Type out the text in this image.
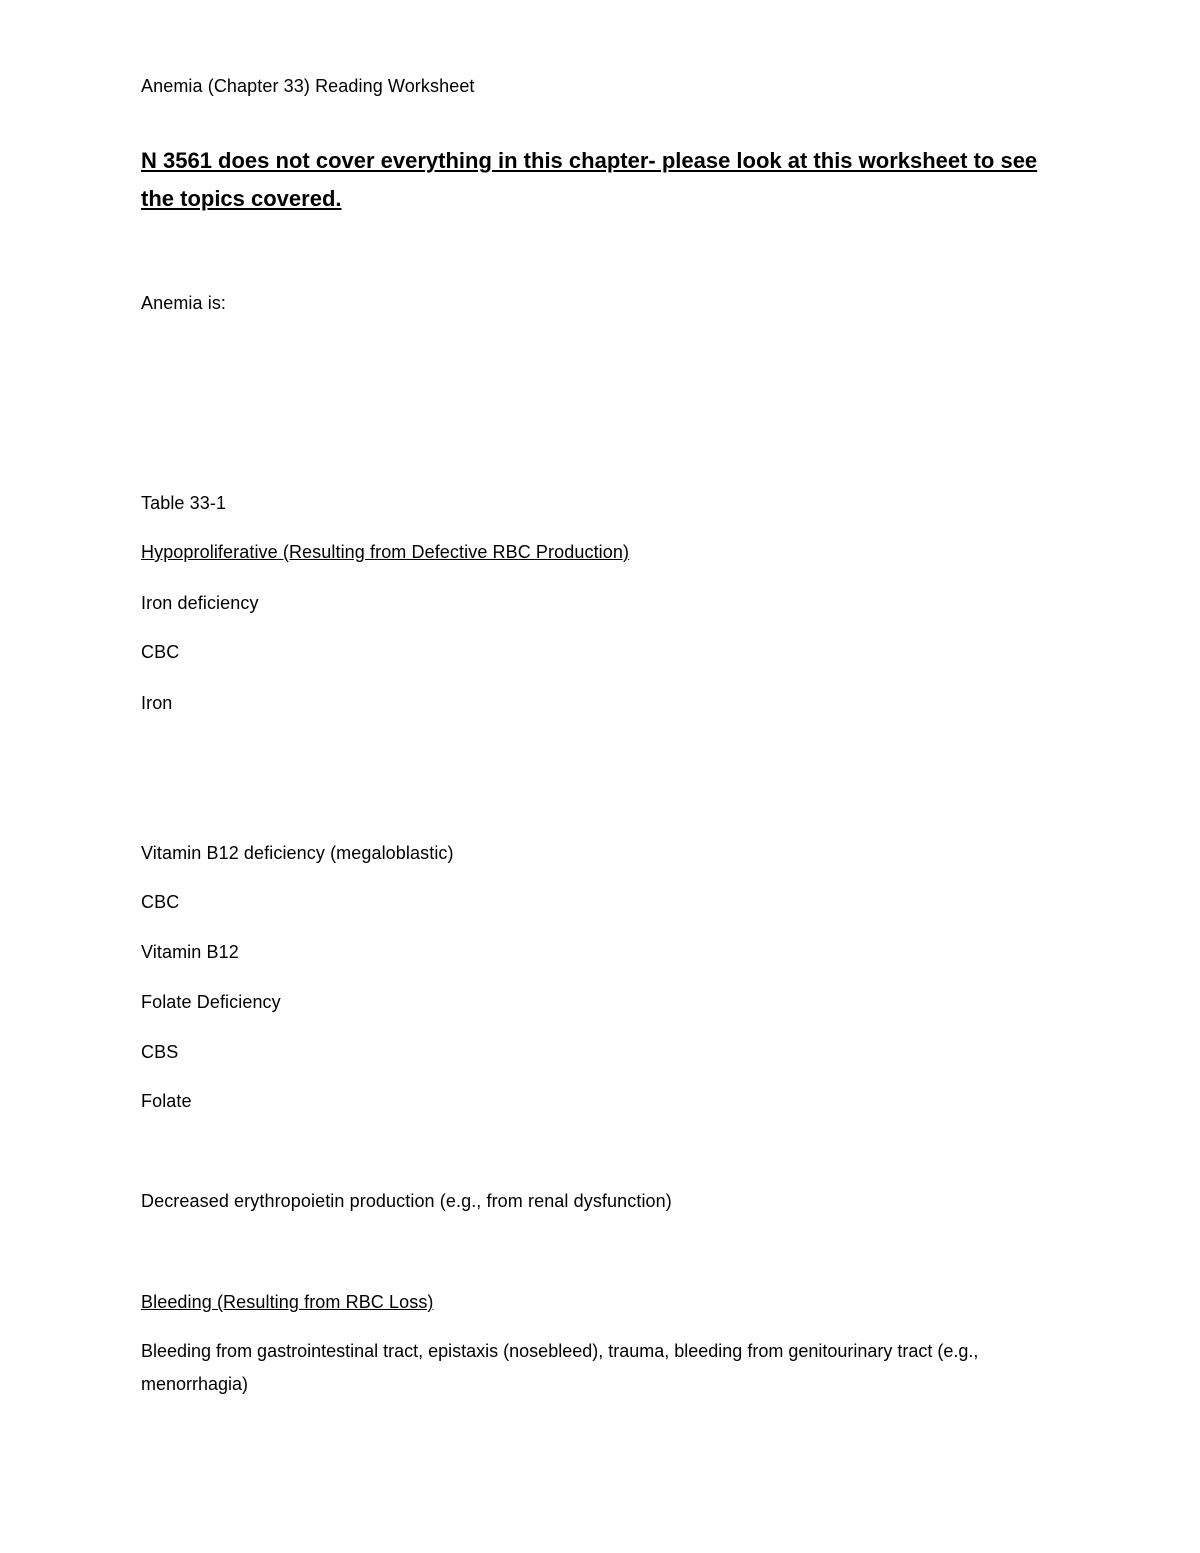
Anemia (Chapter 33) Reading Worksheet
N 3561 does not cover everything in this chapter- please look at this worksheet to see the topics covered.
Anemia is:
Table 33-1
Hypoproliferative (Resulting from Defective RBC Production)
Iron deficiency
CBC
Iron
Vitamin B12 deficiency (megaloblastic)
CBC
Vitamin B12
Folate Deficiency
CBS
Folate
Decreased erythropoietin production (e.g., from renal dysfunction)
Bleeding (Resulting from RBC Loss)
Bleeding from gastrointestinal tract, epistaxis (nosebleed), trauma, bleeding from genitourinary tract (e.g., menorrhagia)
